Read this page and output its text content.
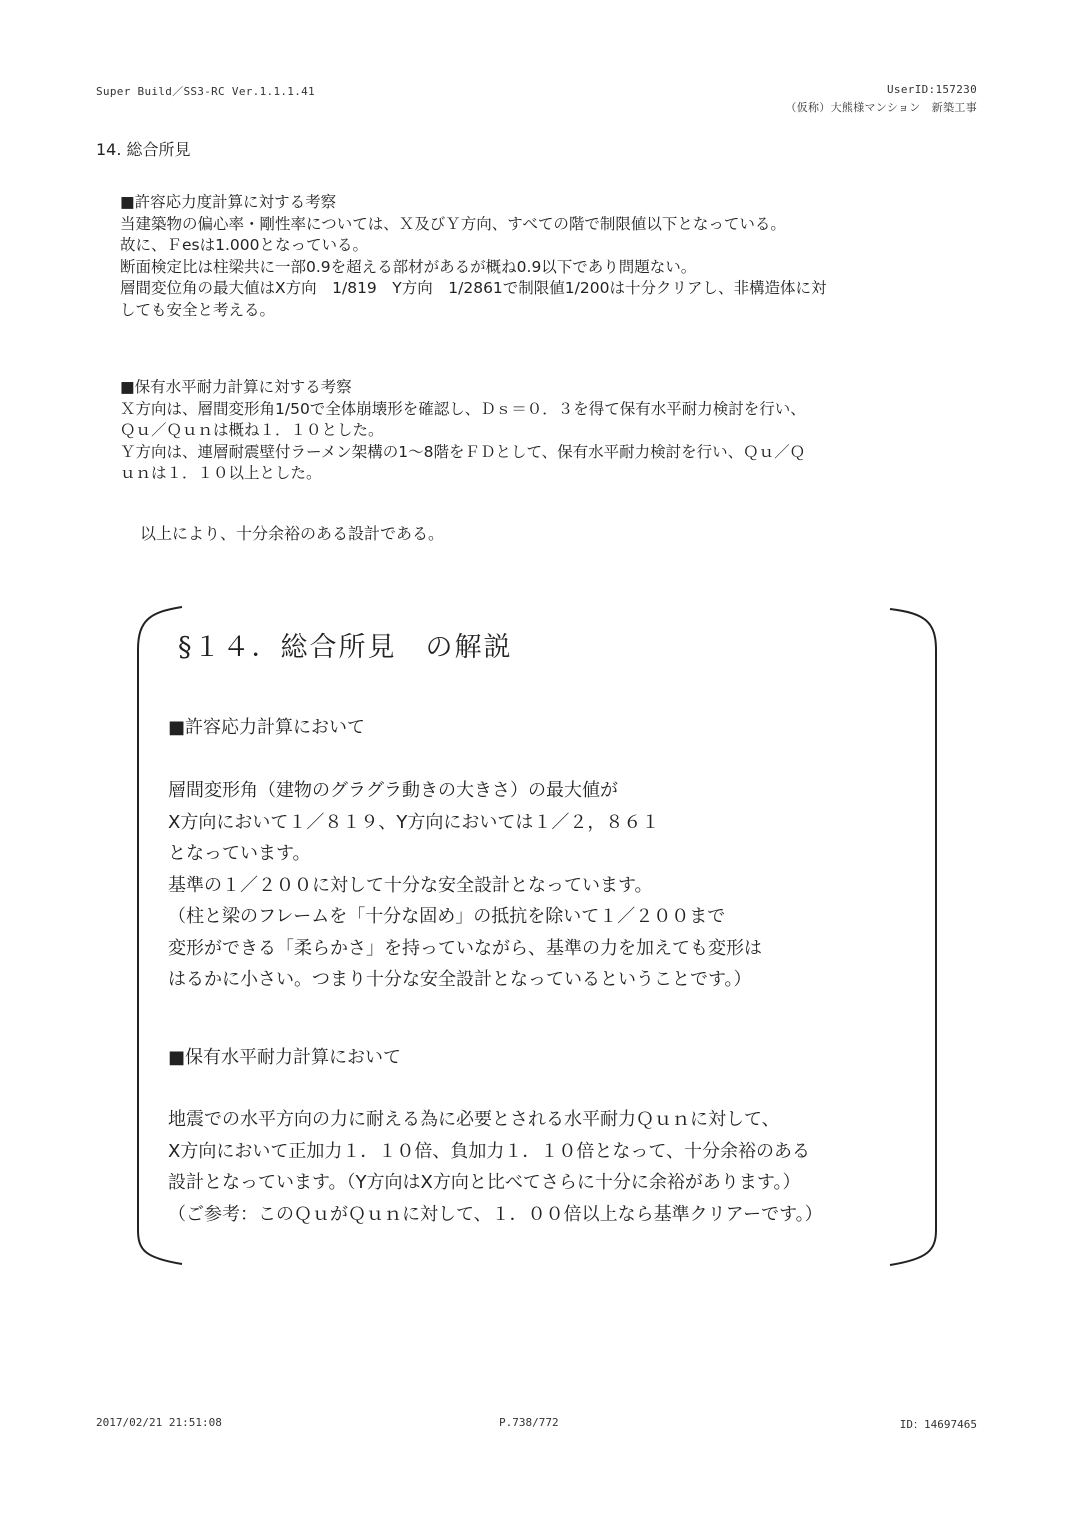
Super Build／SS3-RC Ver.1.1.1.41	UserID:157230
（仮称）大熊様マンション　新築工事
14. 総合所見

■許容応力度計算に対する考察

当建築物の偏心率・剛性率については、Ｘ及びＹ方向、すべての階で制限値以下となっている。

故に、Ｆesは1.000となっている。

断面検定比は柱梁共に一部0.9を超える部材があるが概ね0.9以下であり問題ない。

層間変位角の最大値はX方向　1/819　Y方向　1/2861で制限値1/200は十分クリアし、非構造体に対

しても安全と考える。

■保有水平耐力計算に対する考察

Ｘ方向は、層間変形角1/50で全体崩壊形を確認し、Ｄｓ＝０．３を得て保有水平耐力検討を行い、

Ｑｕ／Ｑｕｎは概ね１．１０とした。

Ｙ方向は、連層耐震壁付ラーメン架構の1～8階をＦＤとして、保有水平耐力検討を行い、Ｑｕ／Ｑ

ｕｎは１．１０以上とした。

以上により、十分余裕のある設計である。
§１４．総合所見　の解説
■許容応力計算において

層間変形角（建物のグラグラ動きの大きさ）の最大値が

X方向において１／８１９、Y方向においては１／２，８６１

となっています。

基準の１／２００に対して十分な安全設計となっています。

（柱と梁のフレームを「十分な固め」の抵抗を除いて１／２００まで

変形ができる「柔らかさ」を持っていながら、基準の力を加えても変形は

はるかに小さい。つまり十分な安全設計となっているということです。）

■保有水平耐力計算において

地震での水平方向の力に耐える為に必要とされる水平耐力Ｑｕｎに対して、

X方向において正加力１．１０倍、負加力１．１０倍となって、十分余裕のある

設計となっています。（Y方向はX方向と比べてさらに十分に余裕があります。）

（ご参考：このＱｕがＱｕｎに対して、１．００倍以上なら基準クリアーです。）

2017/02/21 21:51:08	P.738/772	ID：14697465
